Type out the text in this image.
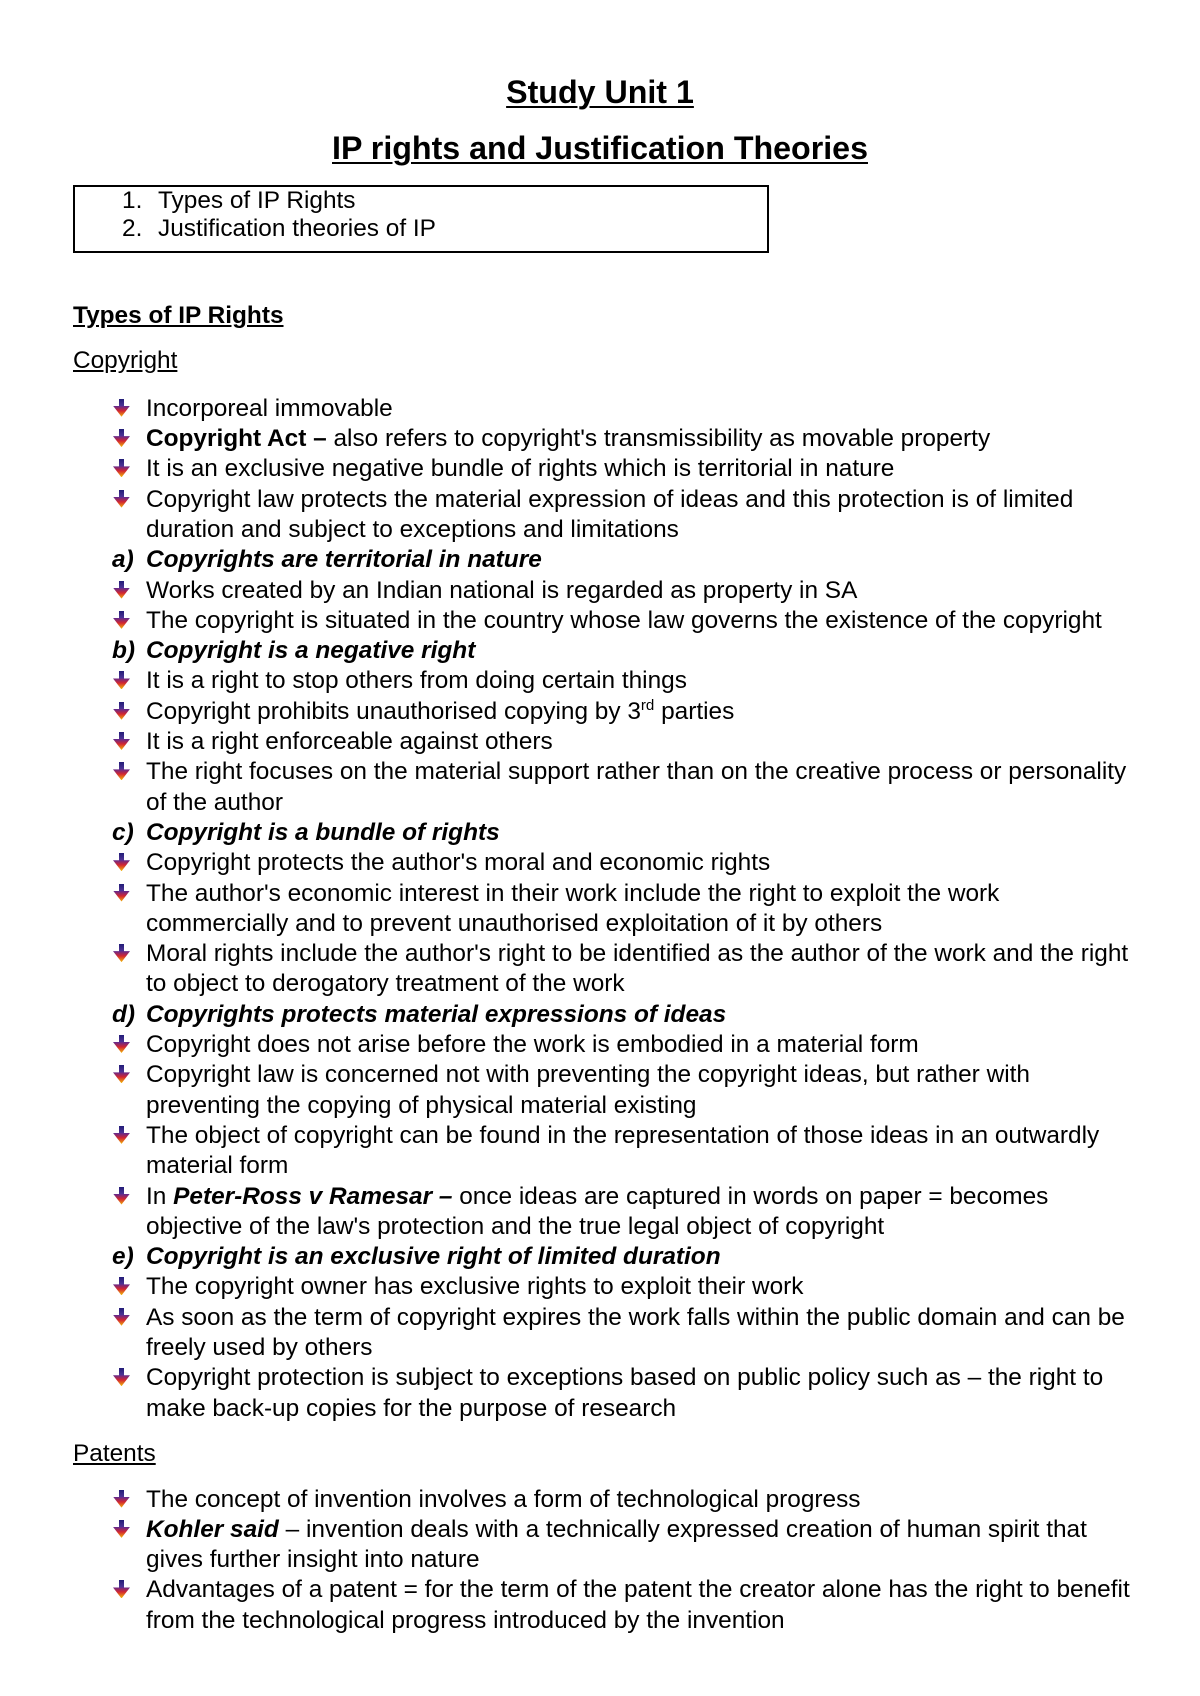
Study Unit 1
IP rights and Justification Theories
1. Types of IP Rights
2. Justification theories of IP
Types of IP Rights
Copyright
Incorporeal immovable
Copyright Act – also refers to copyright's transmissibility as movable property
It is an exclusive negative bundle of rights which is territorial in nature
Copyright law protects the material expression of ideas and this protection is of limited
duration and subject to exceptions and limitations
a) Copyrights are territorial in nature
Works created by an Indian national is regarded as property in SA
The copyright is situated in the country whose law governs the existence of the copyright
b) Copyright is a negative right
It is a right to stop others from doing certain things
Copyright prohibits unauthorised copying by 3rd parties
It is a right enforceable against others
The right focuses on the material support rather than on the creative process or personality
of the author
c) Copyright is a bundle of rights
Copyright protects the author's moral and economic rights
The author's economic interest in their work include the right to exploit the work
commercially and to prevent unauthorised exploitation of it by others
Moral rights include the author's right to be identified as the author of the work and the right
to object to derogatory treatment of the work
d) Copyrights protects material expressions of ideas
Copyright does not arise before the work is embodied in a material form
Copyright law is concerned not with preventing the copyright ideas, but rather with
preventing the copying of physical material existing
The object of copyright can be found in the representation of those ideas in an outwardly
material form
In Peter-Ross v Ramesar – once ideas are captured in words on paper = becomes
objective of the law's protection and the true legal object of copyright
e) Copyright is an exclusive right of limited duration
The copyright owner has exclusive rights to exploit their work
As soon as the term of copyright expires the work falls within the public domain and can be
freely used by others
Copyright protection is subject to exceptions based on public policy such as – the right to
make back-up copies for the purpose of research
Patents
The concept of invention involves a form of technological progress
Kohler said – invention deals with a technically expressed creation of human spirit that
gives further insight into nature
Advantages of a patent = for the term of the patent the creator alone has the right to benefit
from the technological progress introduced by the invention
